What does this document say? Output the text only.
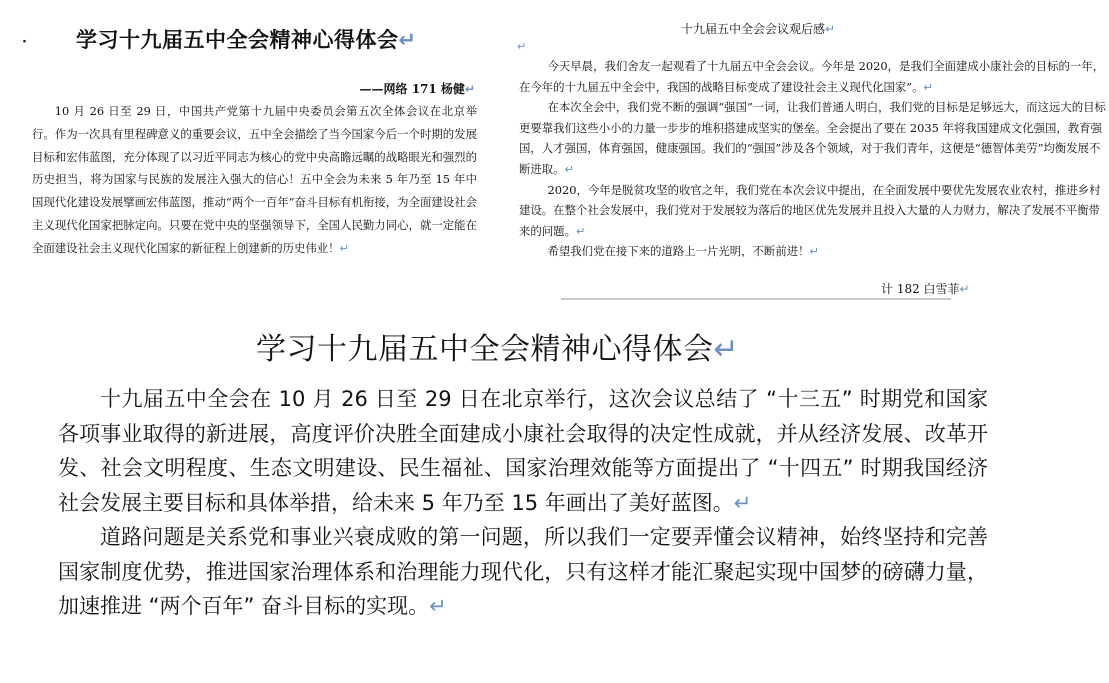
· 学习十九届五中全会精神心得体会↵
——网络 171 杨健↵
10 月 26 日至 29 日，中国共产党第十九届中央委员会第五次全体会议在北京举行。作为一次具有里程碑意义的重要会议，五中全会描绘了当今国家今后一个时期的发展目标和宏伟蓝图，充分体现了以习近平同志为核心的党中央高瞻远瞩的战略眼光和强烈的历史担当，将为国家与民族的发展注入强大的信心！五中全会为未来 5 年乃至 15 年中国现代化建设发展擘画宏伟蓝图，推动“两个一百年”奋斗目标有机衔接，为全面建设社会主义现代化国家把脉定向。只要在党中央的坚强领导下，全国人民勤力同心，就一定能在全面建设社会主义现代化国家的新征程上创建新的历史伟业！↵
十九届五中全会会议观后感↵
↵

今天早晨，我们舍友一起观看了十九届五中全会会议。今年是 2020，是我们全面建成小康社会的目标的一年，在今年的十九届五中全会中，我国的战略目标变成了建设社会主义现代化国家”。↵

在本次全会中，我们党不断的强调“强国”一词，让我们普通人明白，我们党的目标是足够远大，而这远大的目标更要靠我们这些小小的力量一步步的堆积搭建成坚实的堡垒。全会提出了要在 2035 年将我国建成文化强国，教育强国，人才强国，体育强国，健康强国。我们的“强国”涉及各个领域，对于我们青年，这便是“德智体美劳”均衡发展不断进取。↵

2020，今年是脱贫攻坚的收官之年，我们党在本次会议中提出，在全面发展中要优先发展农业农村，推进乡村建设。在整个社会发展中，我们党对于发展较为落后的地区优先发展并且投入大量的人力财力，解决了发展不平衡带来的问题。↵

希望我们党在接下来的道路上一片光明，不断前进！↵

计 182 白雪菲↵
学习十九届五中全会精神心得体会↵

十九届五中全会在 10 月 26 日至 29 日在北京举行，这次会议总结了 “十三五” 时期党和国家各项事业取得的新进展，高度评价决胜全面建成小康社会取得的决定性成就，并从经济发展、改革开发、社会文明程度、生态文明建设、民生福祉、国家治理效能等方面提出了 “十四五” 时期我国经济社会发展主要目标和具体举措，给未来 5 年乃至 15 年画出了美好蓝图。↵

道路问题是关系党和事业兴衰成败的第一问题，所以我们一定要弄懂会议精神，始终坚持和完善国家制度优势，推进国家治理体系和治理能力现代化，只有这样才能汇聚起实现中国梦的磅礴力量，加速推进 “两个百年” 奋斗目标的实现。↵
